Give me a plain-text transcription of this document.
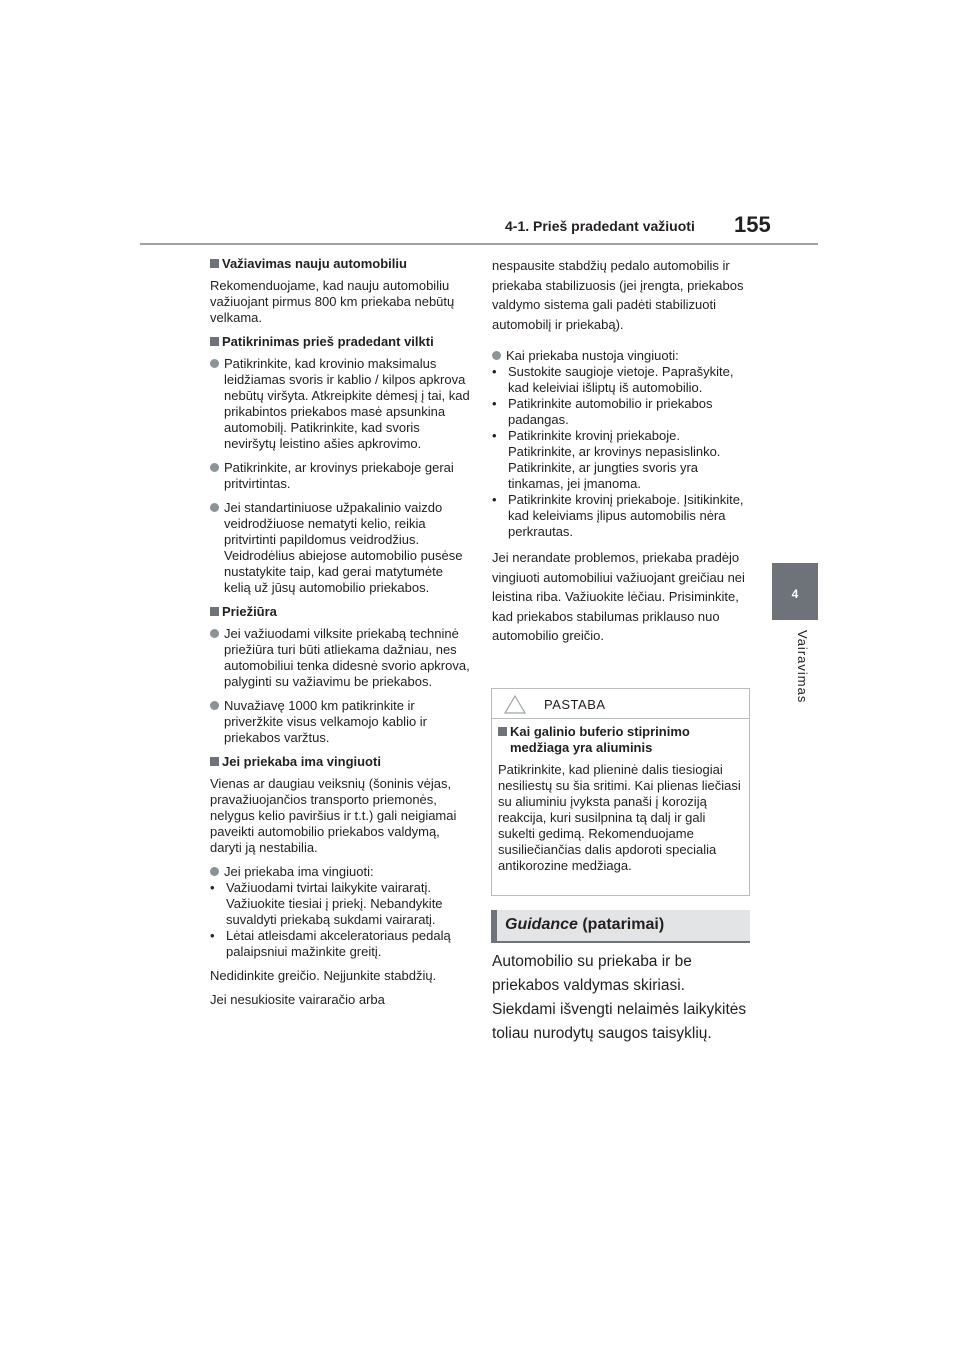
4-1. Prieš pradedant važiuoti 155
4
Vairavimas
Važiavimas nauju automobiliu
Rekomenduojame, kad nauju automobiliu važiuojant pirmus 800 km priekaba nebūtų velkama.
Patikrinimas prieš pradedant vilkti
Patikrinkite, kad krovinio maksimalus leidžiamas svoris ir kablio / kilpos apkrova nebūtų viršyta. Atkreipkite dėmesį į tai, kad prikabintos priekabos masė apsunkina automobilį. Patikrinkite, kad svoris neviršytų leistino ašies apkrovimo.
Patikrinkite, ar krovinys priekaboje gerai pritvirtintas.
Jei standartiniuose užpakalinio vaizdo veidrodžiuose nematyti kelio, reikia pritvirtinti papildomus veidrodžius. Veidrodėlius abiejose automobilio pusėse nustatykite taip, kad gerai matytumėte kelią už jūsų automobilio priekabos.
Priežiūra
Jei važiuodami vilksite priekabą techninė priežiūra turi būti atliekama dažniau, nes automobiliui tenka didesnė svorio apkrova, palyginti su važiavimu be priekabos.
Nuvažiavę 1000 km patikrinkite ir priveržkite visus velkamojo kablio ir priekabos varžtus.
Jei priekaba ima vingiuoti
Vienas ar daugiau veiksnių (šoninis vėjas, pravažiuojančios transporto priemonės, nelygus kelio paviršius ir t.t.) gali neigiamai paveikti automobilio priekabos valdymą, daryti ją nestabilia.
Jei priekaba ima vingiuoti:
• Važiuodami tvirtai laikykite vairaratį. Važiuokite tiesiai į priekį. Nebandykite suvaldyti priekabą sukdami vairaratį.
• Lėtai atleisdami akceleratoriaus pedalą palaipsniui mažinkite greitį.
Nedidinkite greičio. Neįjunkite stabdžių.
Jei nesukiosite vairaračio arba
nespausite stabdžių pedalo automobilis ir priekaba stabilizuosis (jei įrengta, priekabos valdymo sistema gali padėti stabilizuoti automobilį ir priekabą).
Kai priekaba nustoja vingiuoti:
• Sustokite saugioje vietoje. Paprašykite, kad keleiviai išliptų iš automobilio.
• Patikrinkite automobilio ir priekabos padangas.
• Patikrinkite krovinį priekaboje. Patikrinkite, ar krovinys nepasislinko. Patikrinkite, ar jungties svoris yra tinkamas, jei įmanoma.
• Patikrinkite krovinį priekaboje. Įsitikinkite, kad keleiviams įlipus automobilis nėra perkrautas.
Jei nerandate problemos, priekaba pradėjo vingiuoti automobiliui važiuojant greičiau nei leistina riba. Važiuokite lėčiau. Prisiminkite, kad priekabos stabilumas priklauso nuo automobilio greičio.
PASTABA
Kai galinio buferio stiprinimo medžiaga yra aliuminis
Patikrinkite, kad plieninė dalis tiesiogiai nesiliestų su šia sritimi. Kai plienas liečiasi su aliuminiu įvyksta panaši į koroziją reakcija, kuri susilpnina tą dalį ir gali sukelti gedimą. Rekomenduojame susiliečiančias dalis apdoroti specialia antikorozine medžiaga.
Guidance (patarimai)
Automobilio su priekaba ir be priekabos valdymas skiriasi. Siekdami išvengti nelaimės laikykitės toliau nurodytų saugos taisyklių.
